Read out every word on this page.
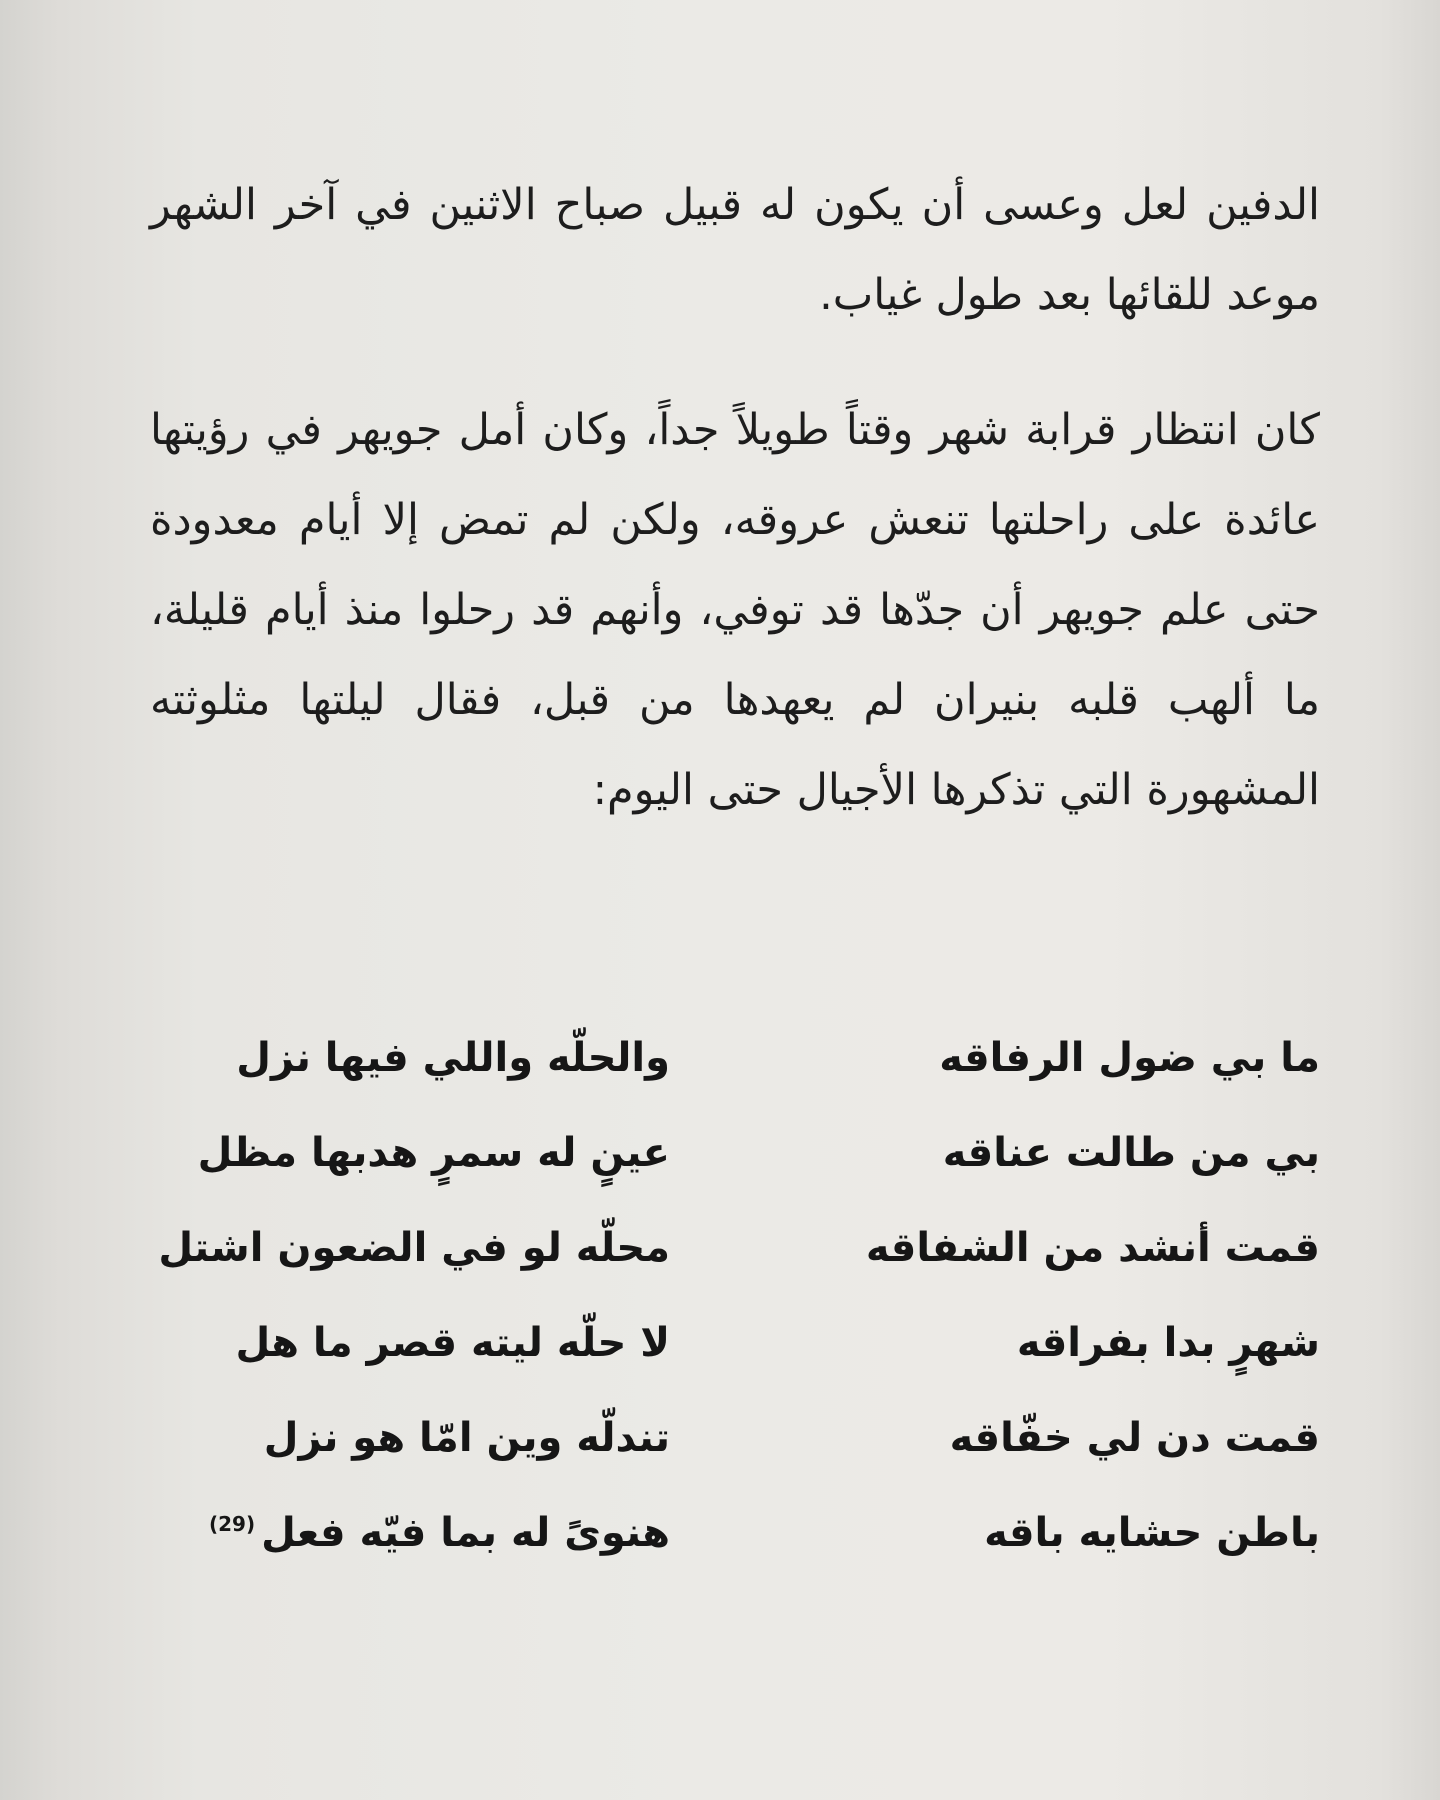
الدفين لعل وعسى أن يكون له قبيل صباح الاثنين في آخر الشهر موعد للقائها بعد طول غياب.

كان انتظار قرابة شهر وقتاً طويلاً جداً، وكان أمل جويهر في رؤيتها عائدة على راحلتها تنعش عروقه، ولكن لم تمض إلا أيام معدودة حتى علم جويهر أن جدّها قد توفي، وأنهم قد رحلوا منذ أيام قليلة، ما ألهب قلبه بنيران لم يعهدها من قبل، فقال ليلتها مثلوثته المشهورة التي تذكرها الأجيال حتى اليوم:

ما بي ضول الرفاقه
والحلّه واللي فيها نزل
بي من طالت عناقه
عينٍ له سمرٍ هدبها مظل
قمت أنشد من الشفاقه
محلّه لو في الضعون اشتل
شهرٍ بدا بفراقه
لا حلّه ليته قصر ما هل
قمت دن لي خفّاقه
تندلّه وين امّا هو نزل
باطن حشايه باقه
هنوىً له بما فيّه فعل$^{(29)}$
